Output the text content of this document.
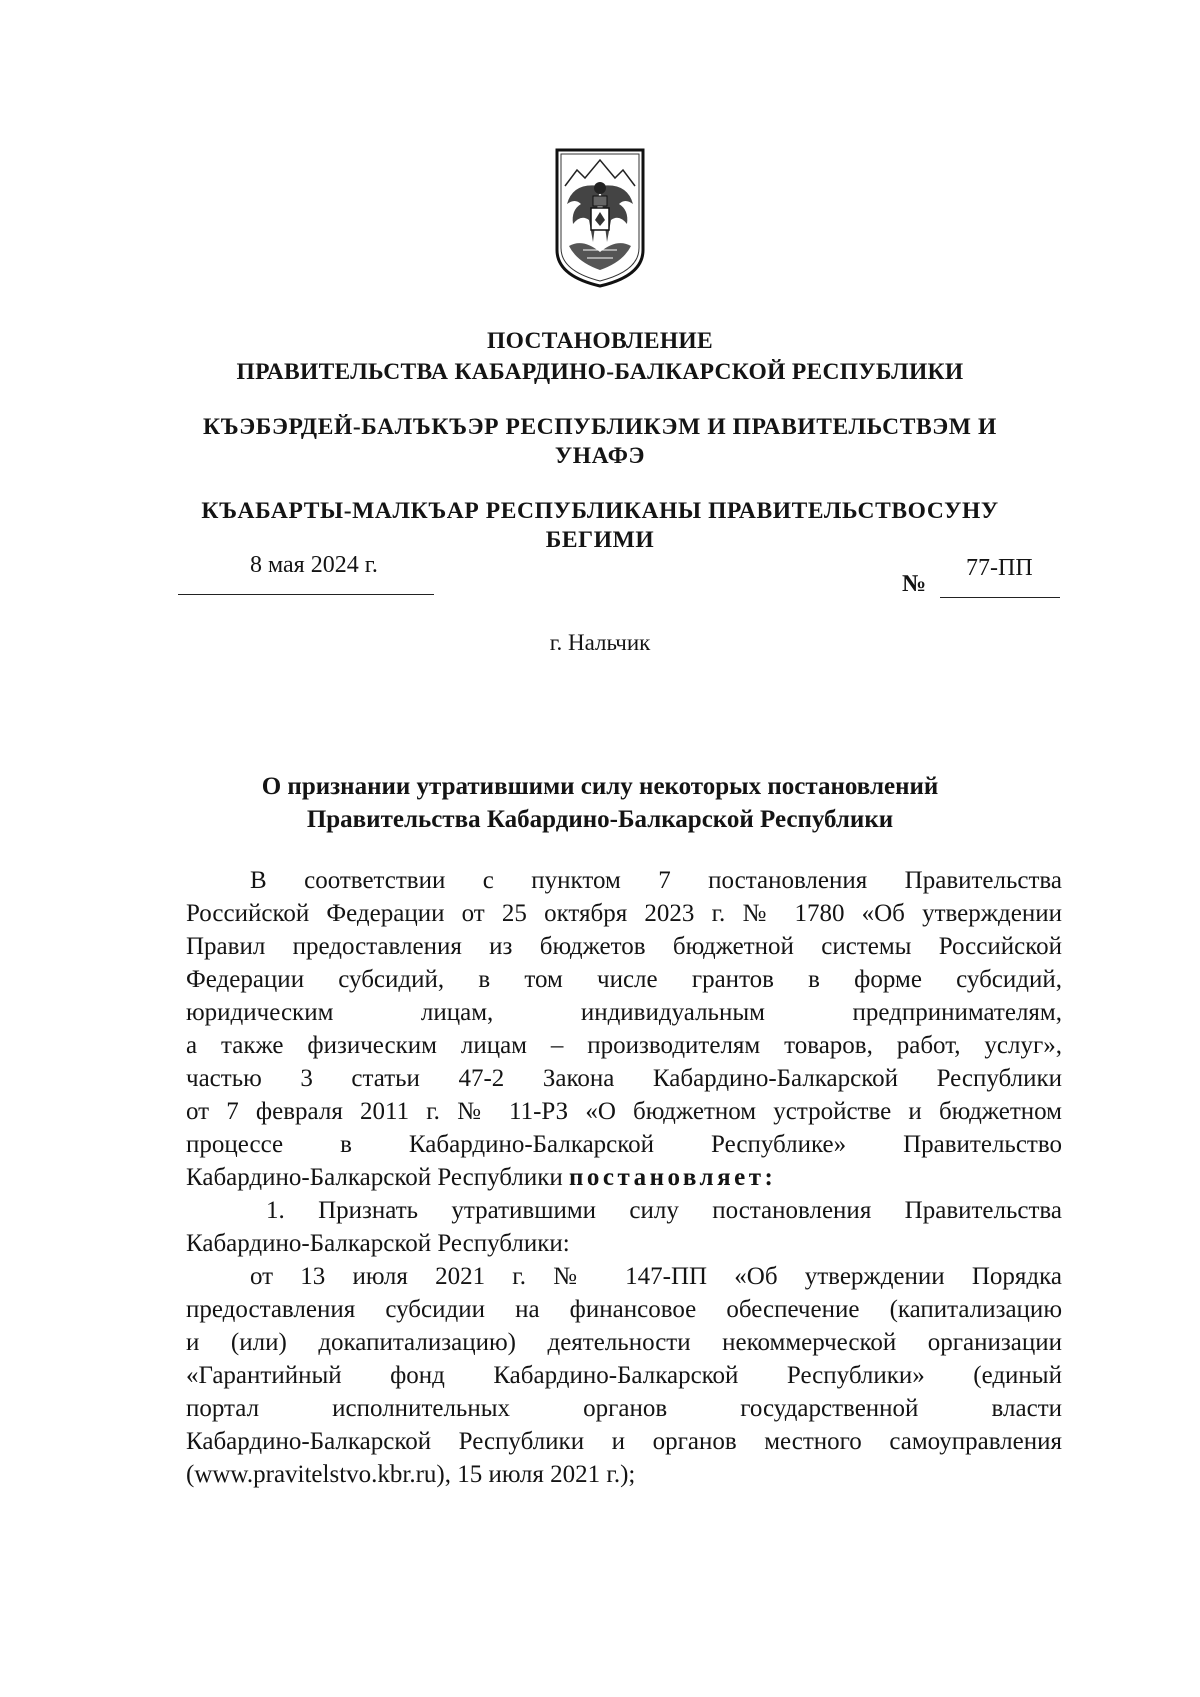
ПОСТАНОВЛЕНИЕ
ПРАВИТЕЛЬСТВА КАБАРДИНО-БАЛКАРСКОЙ РЕСПУБЛИКИ
КЪЭБЭРДЕЙ-БАЛЪКЪЭР РЕСПУБЛИКЭМ И ПРАВИТЕЛЬСТВЭМ И
УНАФЭ
КЪАБАРТЫ-МАЛКЪАР РЕСПУБЛИКАНЫ ПРАВИТЕЛЬСТВОСУНУ
БЕГИМИ
8 мая 2024 г.
№
77-ПП
г. Нальчик
О признании утратившими силу некоторых постановлений
Правительства Кабардино-Балкарской Республики
В соответствии с пунктом 7 постановления Правительства
Российской Федерации от 25 октября 2023 г. № 1780 «Об утверждении
Правил предоставления из бюджетов бюджетной системы Российской
Федерации субсидий, в том числе грантов в форме субсидий,
юридическим лицам, индивидуальным предпринимателям,
а также физическим лицам – производителям товаров, работ, услуг»,
частью 3 статьи 47-2 Закона Кабардино-Балкарской Республики
от 7 февраля 2011 г. № 11-РЗ «О бюджетном устройстве и бюджетном
процессе в Кабардино-Балкарской Республике» Правительство
Кабардино-Балкарской Республики постановляет:
1. Признать утратившими силу постановления Правительства
Кабардино-Балкарской Республики:
от 13 июля 2021 г. № 147-ПП «Об утверждении Порядка
предоставления субсидии на финансовое обеспечение (капитализацию
и (или) докапитализацию) деятельности некоммерческой организации
«Гарантийный фонд Кабардино-Балкарской Республики» (единый
портал исполнительных органов государственной власти
Кабардино-Балкарской Республики и органов местного самоуправления
(www.pravitelstvo.kbr.ru), 15 июля 2021 г.);
